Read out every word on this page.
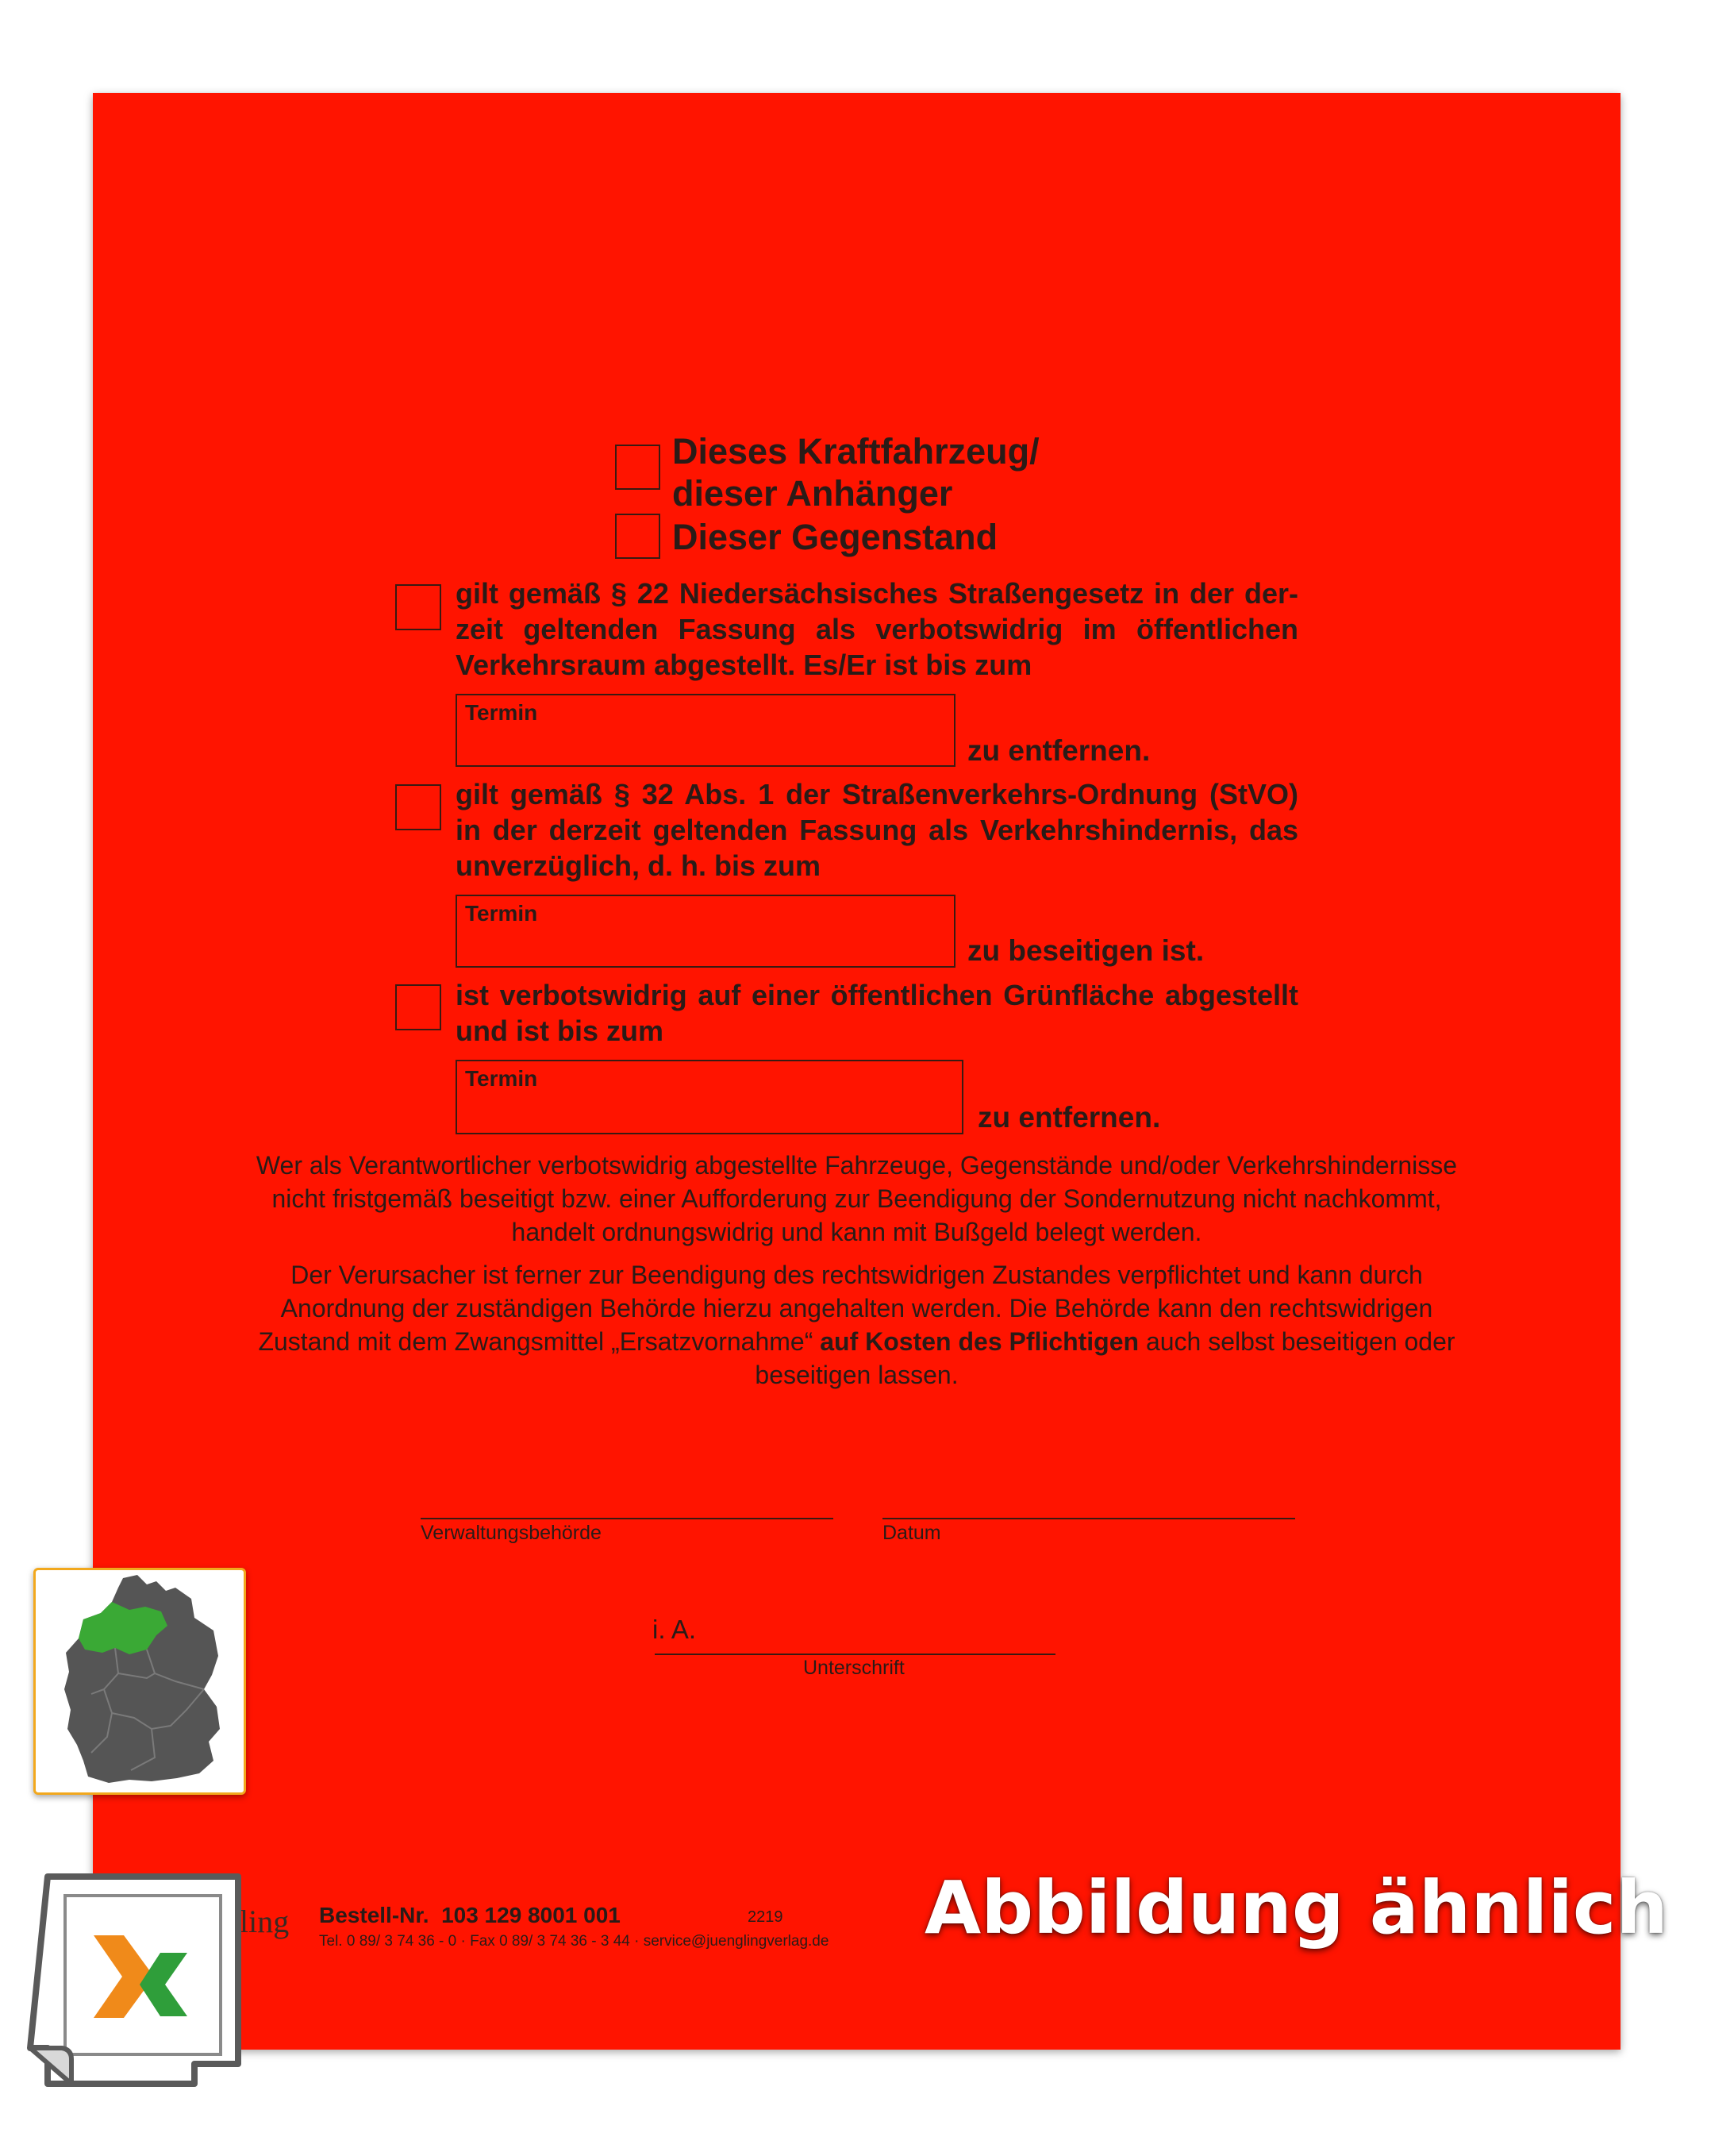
Dieses Kraftfahrzeug/
dieser Anhänger
Dieser Gegenstand
gilt gemäß § 22 Niedersächsisches Straßengesetz in der der-zeit geltenden Fassung als verbotswidrig im öffentlichen Verkehrsraum abgestellt. Es/Er ist bis zum
Termin
zu entfernen.
gilt gemäß § 32 Abs. 1 der Straßenverkehrs-Ordnung (StVO) in der derzeit geltenden Fassung als Verkehrshindernis, das unverzüglich, d. h. bis zum
Termin
zu beseitigen ist.
ist verbotswidrig auf einer öffentlichen Grünfläche abgestellt und ist bis zum
Termin
zu entfernen.
Wer als Verantwortlicher verbotswidrig abgestellte Fahrzeuge, Gegenstände und/oder Verkehrshindernisse nicht fristgemäß beseitigt bzw. einer Aufforderung zur Beendigung der Sondernutzung nicht nachkommt, handelt ordnungswidrig und kann mit Bußgeld belegt werden.
Der Verursacher ist ferner zur Beendigung des rechtswidrigen Zustandes verpflichtet und kann durch Anordnung der zuständigen Behörde hierzu angehalten werden. Die Behörde kann den rechtswidrigen Zustand mit dem Zwangsmittel „Ersatzvornahme“ auf Kosten des Pflichtigen auch selbst beseitigen oder beseitigen lassen.
Verwaltungsbehörde	Datum
i. A.
Unterschrift
ling Bestell-Nr. 103 129 8001 001	2219
Tel. 0 89/ 3 74 36 - 0 · Fax 0 89/ 3 74 36 - 3 44 · service@juenglingverlag.de Abbildung ähnlich
